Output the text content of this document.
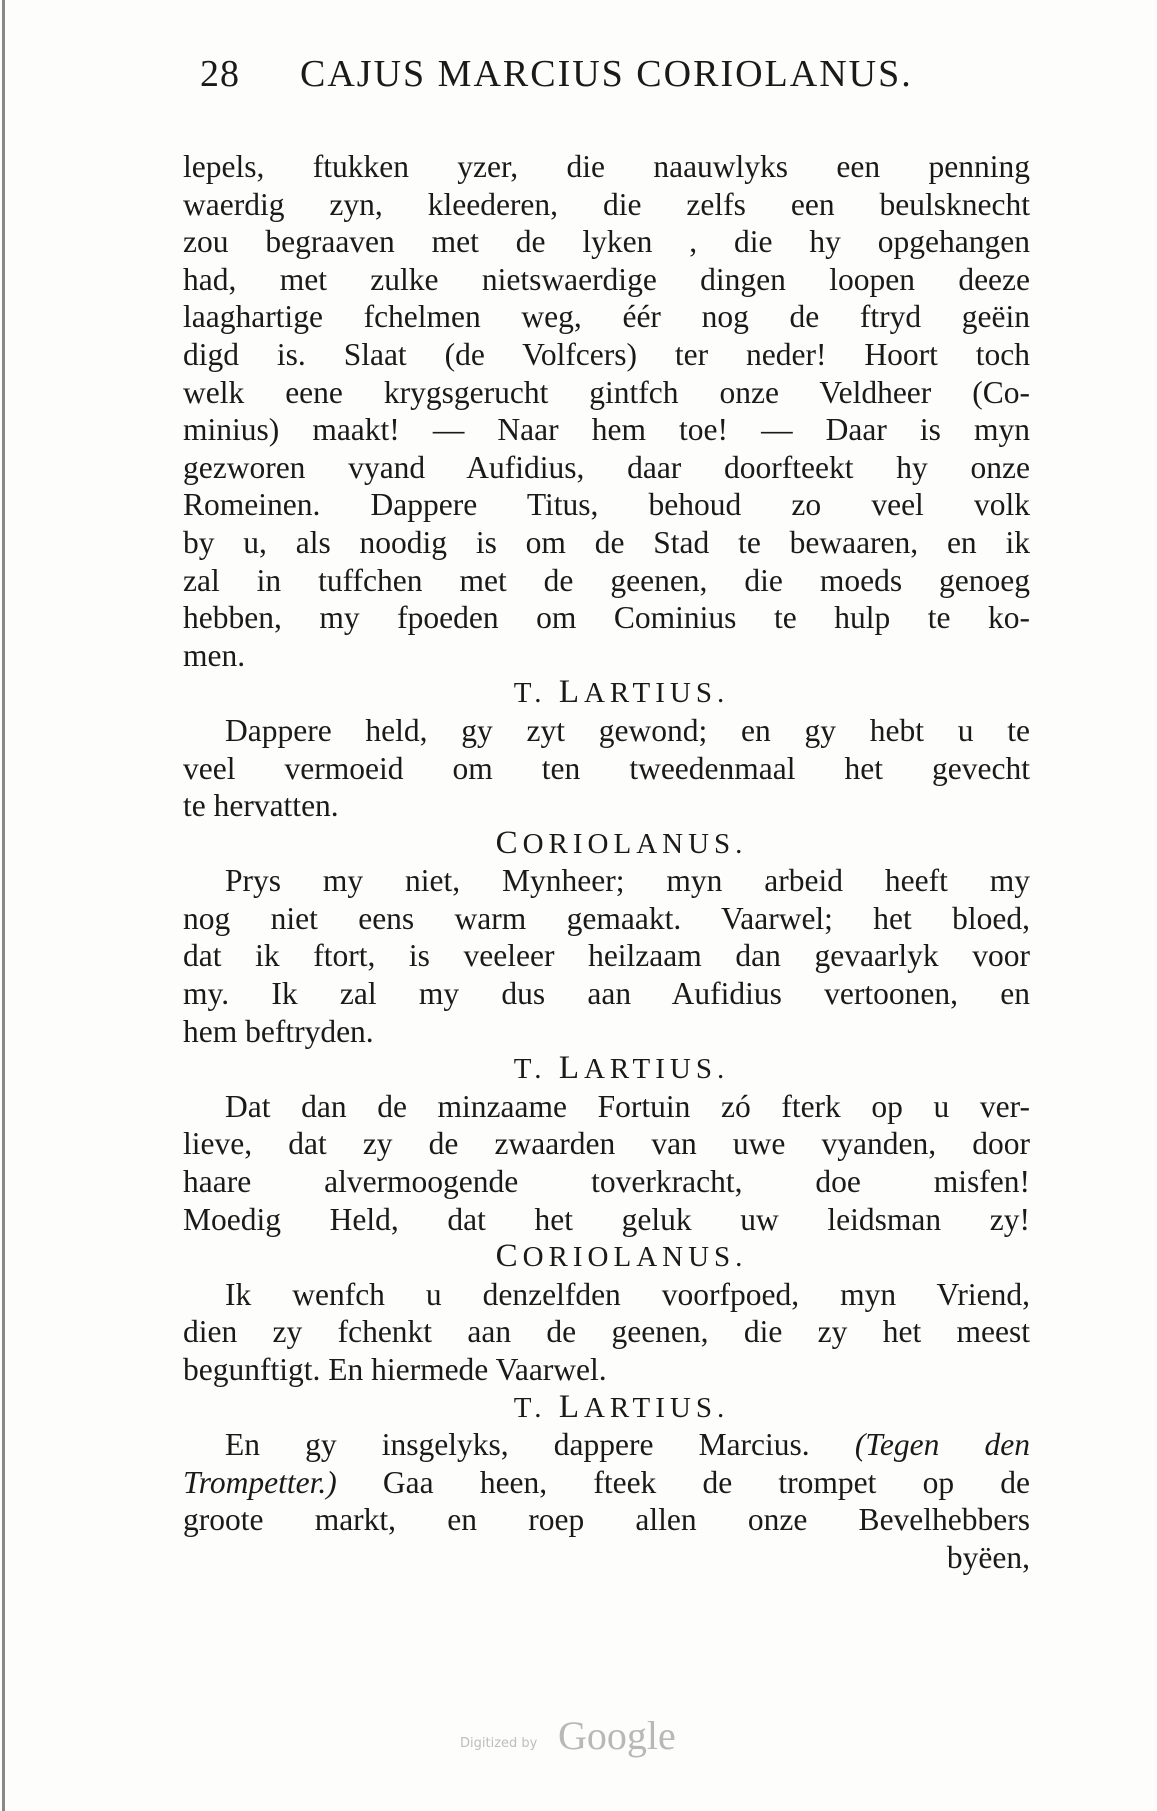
28 CAJUS MARCIUS CORIOLANUS.
lepels, ftukken yzer, die naauwlyks een penning
waerdig zyn, kleederen, die zelfs een beulsknecht
zou begraaven met de lyken , die hy opgehangen
had, met zulke nietswaerdige dingen loopen deeze
laaghartige fchelmen weg, éér nog de ftryd geëin
digd is. Slaat (de Volfcers) ter neder! Hoort toch
welk eene krygsgerucht gintfch onze Veldheer (Co-
minius) maakt! — Naar hem toe! — Daar is myn
gezworen vyand Aufidius, daar doorfteekt hy onze
Romeinen. Dappere Titus, behoud zo veel volk
by u, als noodig is om de Stad te bewaaren, en ik
zal in tuffchen met de geenen, die moeds genoeg
hebben, my fpoeden om Cominius te hulp te ko-
men.
T. LARTIUS.
Dappere held, gy zyt gewond; en gy hebt u te
veel vermoeid om ten tweedenmaal het gevecht
te hervatten.
CORIOLANUS.
Prys my niet, Mynheer; myn arbeid heeft my
nog niet eens warm gemaakt. Vaarwel; het bloed,
dat ik ftort, is veeleer heilzaam dan gevaarlyk voor
my. Ik zal my dus aan Aufidius vertoonen, en
hem beftryden.
T. LARTIUS.
Dat dan de minzaame Fortuin zó fterk op u ver-
lieve, dat zy de zwaarden van uwe vyanden, door
haare alvermoogende toverkracht, doe misfen!
Moedig Held, dat het geluk uw leidsman zy!
CORIOLANUS.
Ik wenfch u denzelfden voorfpoed, myn Vriend,
dien zy fchenkt aan de geenen, die zy het meest
begunftigt. En hiermede Vaarwel.
T. LARTIUS.
En gy insgelyks, dappere Marcius. (Tegen den
Trompetter.) Gaa heen, fteek de trompet op de
groote markt, en roep allen onze Bevelhebbers
byëen,
Digitized by Google
